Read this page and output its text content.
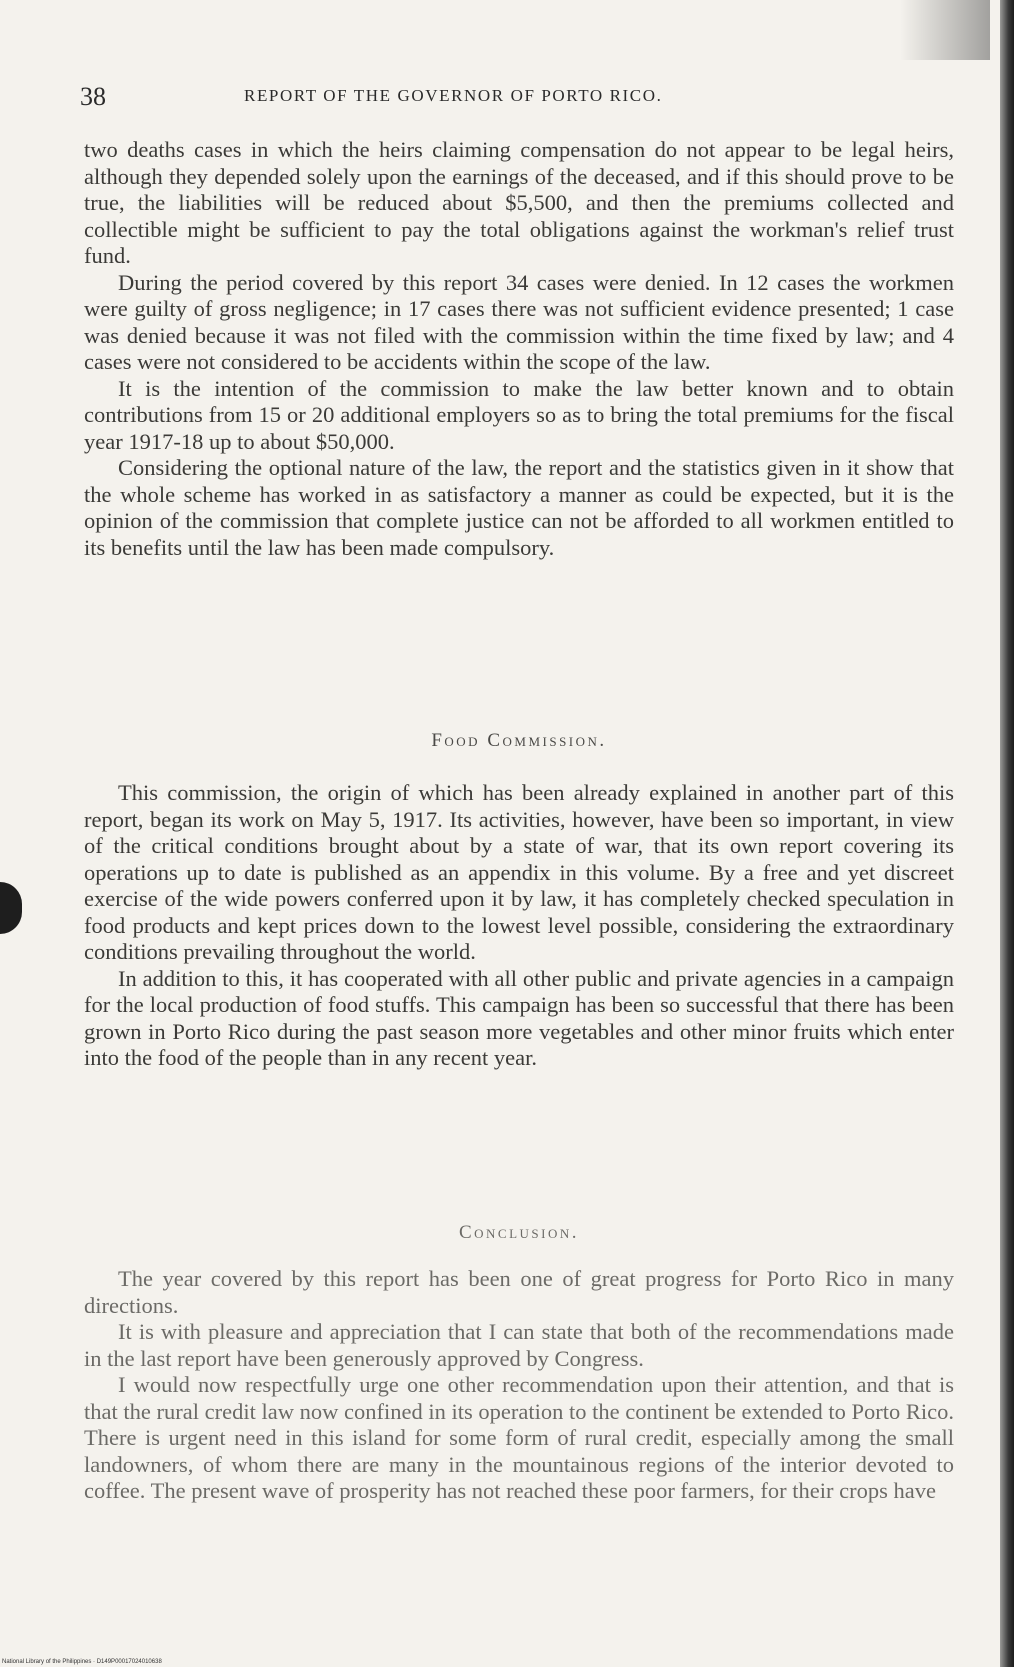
38	REPORT OF THE GOVERNOR OF PORTO RICO.

two deaths cases in which the heirs claiming compensation do not appear to be legal heirs, although they depended solely upon the earnings of the deceased, and if this should prove to be true, the liabilities will be reduced about $5,500, and then the premiums collected and collectible might be sufficient to pay the total obligations against the workman's relief trust fund.

During the period covered by this report 34 cases were denied. In 12 cases the workmen were guilty of gross negligence; in 17 cases there was not sufficient evidence presented; 1 case was denied because it was not filed with the commission within the time fixed by law; and 4 cases were not considered to be accidents within the scope of the law.

It is the intention of the commission to make the law better known and to obtain contributions from 15 or 20 additional employers so as to bring the total premiums for the fiscal year 1917-18 up to about $50,000.

Considering the optional nature of the law, the report and the statistics given in it show that the whole scheme has worked in as satisfactory a manner as could be expected, but it is the opinion of the commission that complete justice can not be afforded to all workmen entitled to its benefits until the law has been made compulsory.

Food Commission.

This commission, the origin of which has been already explained in another part of this report, began its work on May 5, 1917. Its activities, however, have been so important, in view of the critical conditions brought about by a state of war, that its own report covering its operations up to date is published as an appendix in this volume. By a free and yet discreet exercise of the wide powers conferred upon it by law, it has completely checked speculation in food products and kept prices down to the lowest level possible, considering the extraordinary conditions prevailing throughout the world.

In addition to this, it has cooperated with all other public and private agencies in a campaign for the local production of food stuffs. This campaign has been so successful that there has been grown in Porto Rico during the past season more vegetables and other minor fruits which enter into the food of the people than in any recent year.

Conclusion.

The year covered by this report has been one of great progress for Porto Rico in many directions.

It is with pleasure and appreciation that I can state that both of the recommendations made in the last report have been generously approved by Congress.

I would now respectfully urge one other recommendation upon their attention, and that is that the rural credit law now confined in its operation to the continent be extended to Porto Rico. There is urgent need in this island for some form of rural credit, especially among the small landowners, of whom there are many in the mountainous regions of the interior devoted to coffee. The present wave of prosperity has not reached these poor farmers, for their crops have

National Library of the Philippines · D149P00017024010638
